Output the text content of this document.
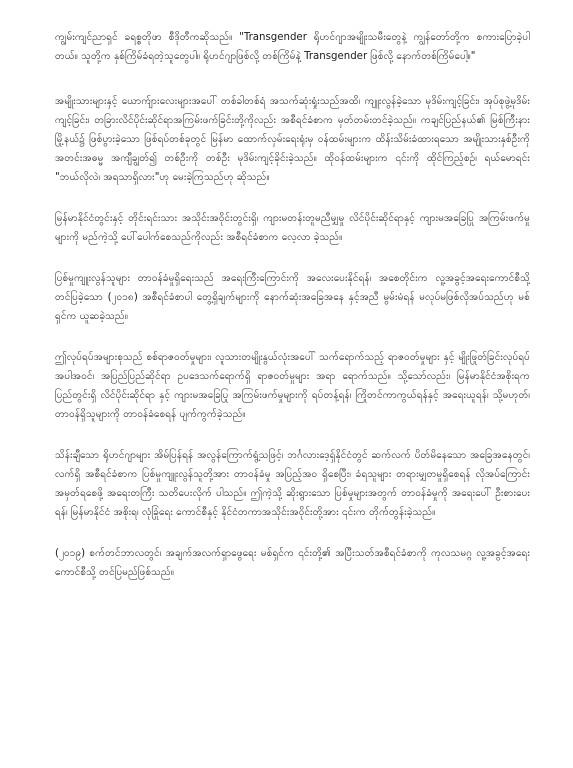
ကျွမ်းကျင်ညာရှင် ခရစ္စတိုဖာ စီဒိုတီကဆိုသည်။ "Transgender ရိုဟင်ဂျာအမျိုးသမီးတွေနဲ့ ကျွန်တော်တို့က စကားပြောခဲ့ပါတယ်။ သူတို့က နှစ်ကြိမ်ခံရတဲ့သူတွေပါ။ ရိုဟင်ဂျာဖြစ်လို့ တစ်ကြိမ်နဲ့ Transgender ဖြစ်လို့ နောက်တစ်ကြိမ်ပေါ့။"

အမျိုးသားများနှင့် ယောက်ျားလေးများအပေါ် တစ်ခါတစ်ရံ အသက်ဆုံးရှုံးသည်အထိ၊ ကျူးလွန်ခဲ့သော မုဒိမ်းကျင့်ခြင်း၊ အုပ်စုဖွဲ့မုဒိမ်းကျင့်ခြင်း၊ တခြားလိင်ပိုင်းဆိုင်ရာအကြမ်းဖက်ခြင်းတို့ကိုလည်း အစီရင်ခံစာက မှတ်တမ်းတင်ခဲ့သည်။ ကချင်ပြည်နယ်၏ မြစ်ကြီးနားမြို့နယ်၌ ဖြစ်ပွားခဲ့သော ဖြစ်ရပ်တစ်ခုတွင် မြန်မာ ထောက်လှမ်းရေးရုံးမှ ဝန်ထမ်းများက ထိန်းသိမ်းခံထားရသော အမျိုးသားနှစ်ဦးကို အတင်းအဓမ္မ အကျီချွတ်၍ တစ်ဦးကို တစ်ဦး မုဒိမ်းကျင့်ခိုင်းခဲ့သည်။ ထိုဝန်ထမ်းများက ၎င်းကို ထိုင်ကြည့်စဉ်၊ ရယ်မောရင်း "ဘယ်လိုလဲ၊ အရသာရှိလား"ဟု မေးခဲ့ကြသည်ဟု ဆိုသည်။

မြန်မာနိုင်ငံတွင်းနှင့် တိုင်းရင်းသား အသိုင်းအဝိုင်းတွင်းရှိ၊ ကျားမတန်းတူမညီမျှမှု လိင်ပိုင်းဆိုင်ရာနှင့် ကျားမအခြေပြု အကြမ်းဖက်မှုများကို မည်ကဲ့သို့ ပေါ်ပေါက်စေသည်ကိုလည်း အစီရင်ခံစာက လေ့လာ ခဲ့သည်။

ပြစ်မှုကျူးလွန်သူများ တာဝန်ခံမှုရှိရေးသည် အရေးကြီးကြောင်းကို အလေးပေးနိုင်ရန်၊ အစေတိုင်းက လူ့အခွင့်အရေးကောင်စီသို့ တင်ပြခဲ့သော (၂၀၁၈) အစီရင်ခံစာပါ တွေ့ရှိချက်များကို နောက်ဆုံးအခြေအနေ နှင့်အညီ မွမ်းမံရန် မလုပ်မဖြစ်လိုအပ်သည်ဟု မစ်ရှင်က ယူဆခဲ့သည်။

ဤလုပ်ရပ်အများစုသည် စစ်ရာဇဝတ်မှုများ၊ လူသားတမျိုးနွယ်လုံးအပေါ် သက်ရောက်သည့် ရာဇဝတ်မှုများ နှင့် မျိုးဖြုတ်ခြင်းလုပ်ရပ် အပါအဝင်၊ အပြည်ပြည်ဆိုင်ရာ ဥပဒေသက်ရောက်ရှိ ရာဇဝတ်မှုများ အရာ ရောက်သည်။ သို့သော်လည်း၊ မြန်မာနိုင်ငံအစိုးရက ပြည်တွင်းရှိ လိင်ပိုင်းဆိုင်ရာ နှင့် ကျားမအခြေပြု အကြမ်းဖက်မှုများကို ရပ်တန့်ရန်၊ ကြိုတင်ကာကွယ်ရန်နှင့် အရေးယူရန်၊ သို့မဟုတ်၊ တာဝန်ရှိသူများကို တာဝန်ခံစေရန် ပျက်ကွက်ခဲ့သည်။

သိန်းချီသော ရိုဟင်ဂျာများ အိမ်ပြန်ရန် အလွန်ကြောက်ရွံ့သဖြင့်၊ ဘင်္ဂလားဒေ့ရှ်နိုင်ငံတွင် ဆက်လက် ပိတ်မိနေသော အခြေအနေတွင်၊ လက်ရှိ အစီရင်ခံစာက ပြစ်မှုကျူးလွန်သူတို့အား တာဝန်ခံမှု အပြည့်အဝ ရှိစေပြီး၊ ခံရသူများ တရားမျှတမှုရှိစေရန် လိုအပ်ကြောင်း အမှတ်ရစေဖို့ အရေးတကြီး သတိပေးလိုက် ပါသည်။ ဤကဲ့သို့ ဆိုးရွားသော ပြစ်မှုများအတွက် တာဝန်ခံမှုကို အရေးပေါ် ဦးစားပေးရန်၊ မြန်မာနိုင်ငံ အစိုးရ၊ လုံခြုံရေး ကောင်စီနှင့် နိုင်ငံတကာအသိုင်းအဝိုင်းတို့အား ၎င်းက တိုက်တွန်းခဲ့သည်။

(၂၀၁၉) စက်တင်ဘာလတွင်၊ အချက်အလက်ရှာဖွေရေး မစ်ရှင်က ၎င်းတို့၏ အပြီးသတ်အစီရင်ခံစာကို ကုလသမဂ္ဂ လူ့အခွင့်အရေးကောင်စီသို့ တင်ပြမည်ဖြစ်သည်။
